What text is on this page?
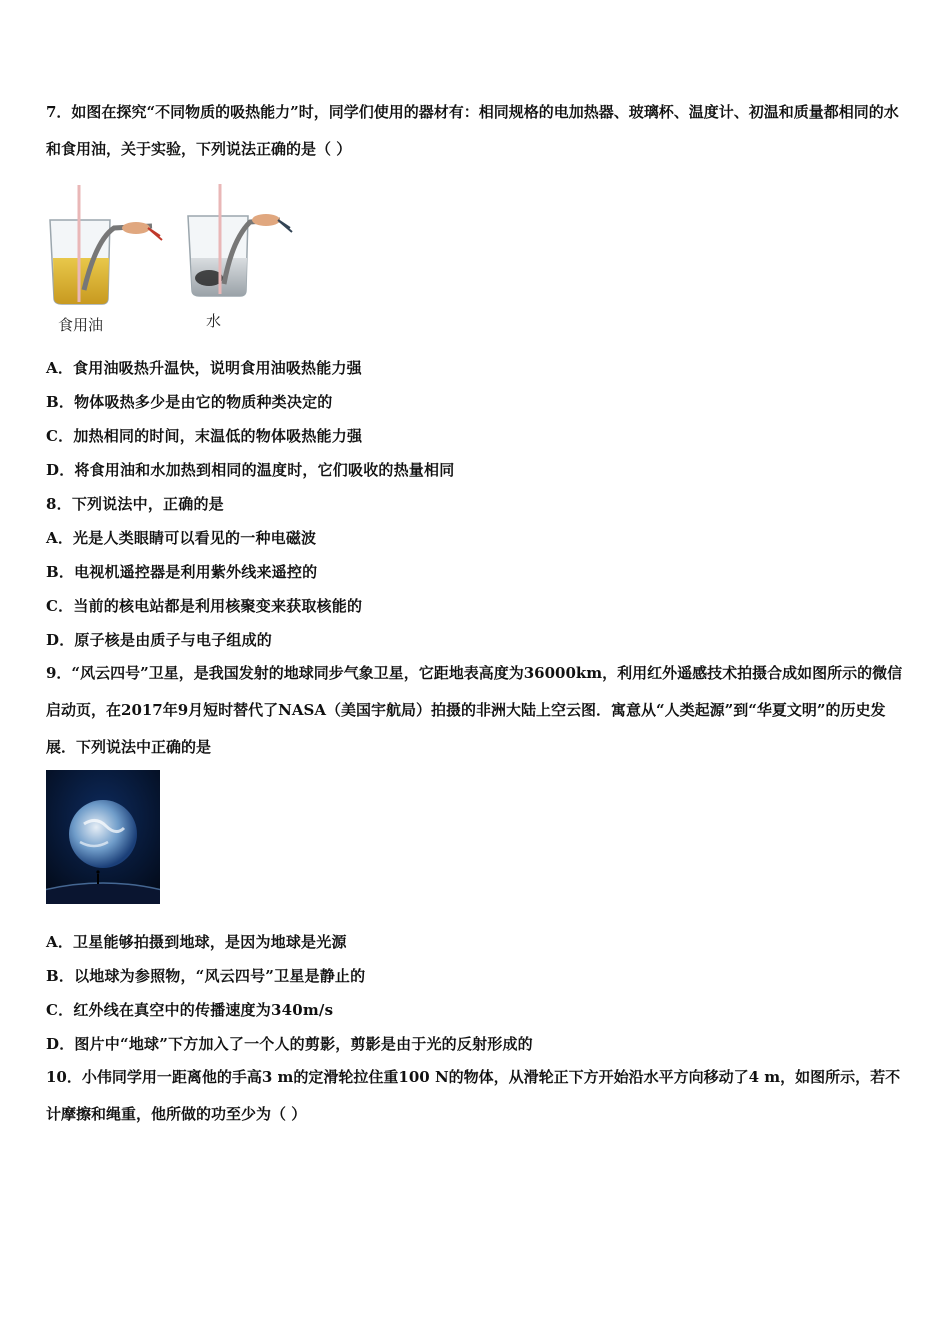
7．如图在探究“不同物质的吸热能力”时，同学们使用的器材有：相同规格的电加热器、玻璃杯、温度计、初温和质量都相同的水和食用油，关于实验，下列说法正确的是（ ）
食用油	水
A．食用油吸热升温快，说明食用油吸热能力强
B．物体吸热多少是由它的物质种类决定的
C．加热相同的时间，末温低的物体吸热能力强
D．将食用油和水加热到相同的温度时，它们吸收的热量相同
8．下列说法中，正确的是
A．光是人类眼睛可以看见的一种电磁波
B．电视机遥控器是利用紫外线来遥控的
C．当前的核电站都是利用核聚变来获取核能的
D．原子核是由质子与电子组成的
9．“风云四号”卫星，是我国发射的地球同步气象卫星，它距地表高度为36000km，利用红外遥感技术拍摄合成如图所示的微信启动页，在2017年9月短时替代了NASA（美国宇航局）拍摄的非洲大陆上空云图．寓意从“人类起源”到“华夏文明”的历史发展．下列说法中正确的是
A．卫星能够拍摄到地球，是因为地球是光源
B．以地球为参照物，“风云四号”卫星是静止的
C．红外线在真空中的传播速度为340m/s
D．图片中“地球”下方加入了一个人的剪影，剪影是由于光的反射形成的
10．小伟同学用一距离他的手高3 m的定滑轮拉住重100 N的物体，从滑轮正下方开始沿水平方向移动了4 m，如图所示，若不计摩擦和绳重，他所做的功至少为（ ）
